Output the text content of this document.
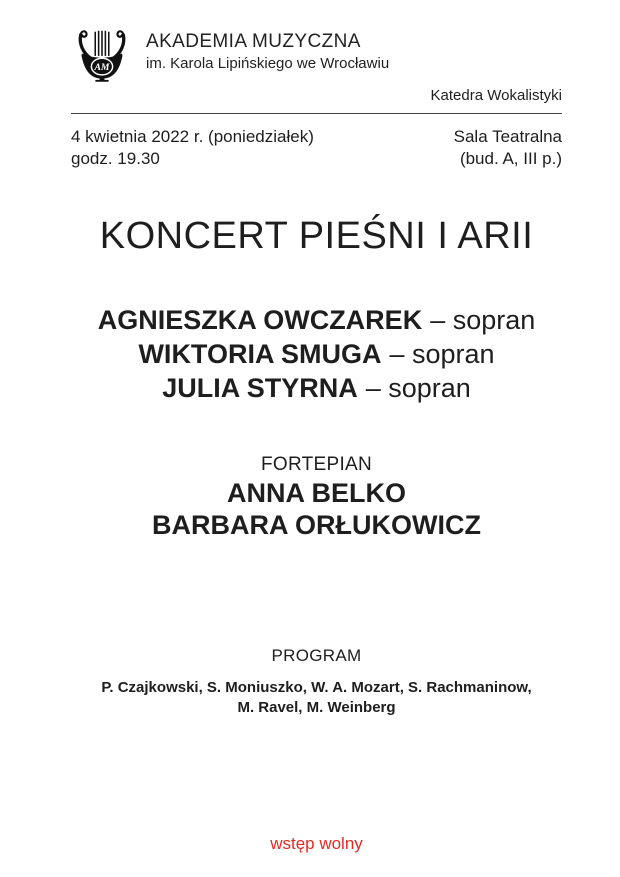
AM
AKADEMIA MUZYCZNA
im. Karola Lipińskiego we Wrocławiu
Katedra Wokalistyki
4 kwietnia 2022 r. (poniedziałek)
godz. 19.30
Sala Teatralna
(bud. A, III p.)
KONCERT PIEŚNI I ARII
AGNIESZKA OWCZAREK – sopran
WIKTORIA SMUGA – sopran
JULIA STYRNA – sopran
FORTEPIAN
ANNA BELKO
BARBARA ORŁUKOWICZ
PROGRAM
P. Czajkowski, S. Moniuszko, W. A. Mozart, S. Rachmaninow,
M. Ravel, M. Weinberg
wstęp wolny
